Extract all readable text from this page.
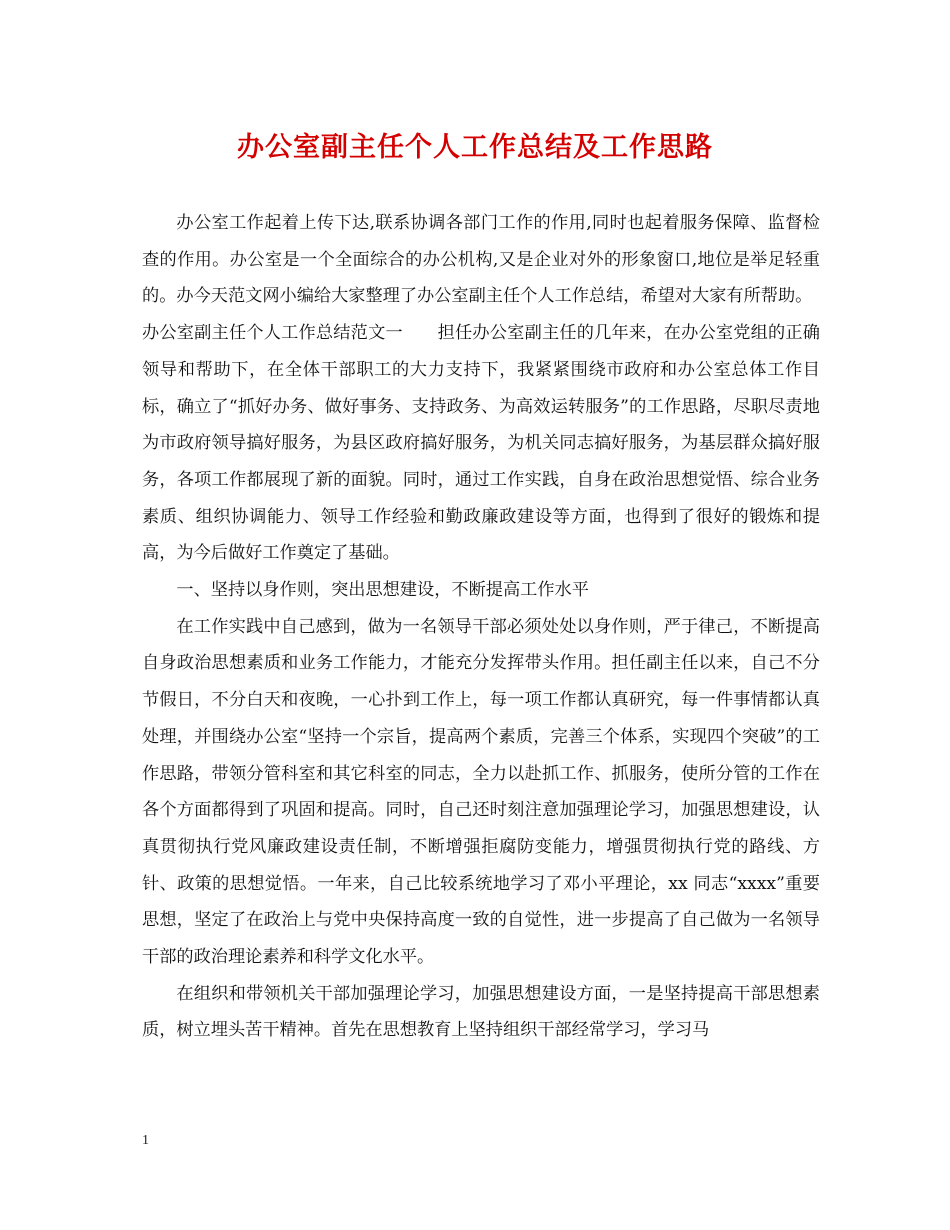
办公室副主任个人工作总结及工作思路

办公室工作起着上传下达,联系协调各部门工作的作用,同时也起着服务保障、监督检查的作用。办公室是一个全面综合的办公机构,又是企业对外的形象窗口,地位是举足轻重的。办今天范文网小编给大家整理了办公室副主任个人工作总结，希望对大家有所帮助。

办公室副主任个人工作总结范文一　　担任办公室副主任的几年来，在办公室党组的正确领导和帮助下，在全体干部职工的大力支持下，我紧紧围绕市政府和办公室总体工作目标，确立了“抓好办务、做好事务、支持政务、为高效运转服务”的工作思路，尽职尽责地为市政府领导搞好服务，为县区政府搞好服务，为机关同志搞好服务，为基层群众搞好服务，各项工作都展现了新的面貌。同时，通过工作实践，自身在政治思想觉悟、综合业务素质、组织协调能力、领导工作经验和勤政廉政建设等方面，也得到了很好的锻炼和提高，为今后做好工作奠定了基础。

一、坚持以身作则，突出思想建设，不断提高工作水平

在工作实践中自己感到，做为一名领导干部必须处处以身作则，严于律己，不断提高自身政治思想素质和业务工作能力，才能充分发挥带头作用。担任副主任以来，自己不分节假日，不分白天和夜晚，一心扑到工作上，每一项工作都认真研究，每一件事情都认真处理，并围绕办公室“坚持一个宗旨，提高两个素质，完善三个体系，实现四个突破”的工作思路，带领分管科室和其它科室的同志，全力以赴抓工作、抓服务，使所分管的工作在各个方面都得到了巩固和提高。同时，自己还时刻注意加强理论学习，加强思想建设，认真贯彻执行党风廉政建设责任制，不断增强拒腐防变能力，增强贯彻执行党的路线、方针、政策的思想觉悟。一年来，自己比较系统地学习了邓小平理论，xx 同志“xxxx”重要思想，坚定了在政治上与党中央保持高度一致的自觉性，进一步提高了自己做为一名领导干部的政治理论素养和科学文化水平。

在组织和带领机关干部加强理论学习，加强思想建设方面，一是坚持提高干部思想素质，树立埋头苦干精神。首先在思想教育上坚持组织干部经常学习，学习马

1
